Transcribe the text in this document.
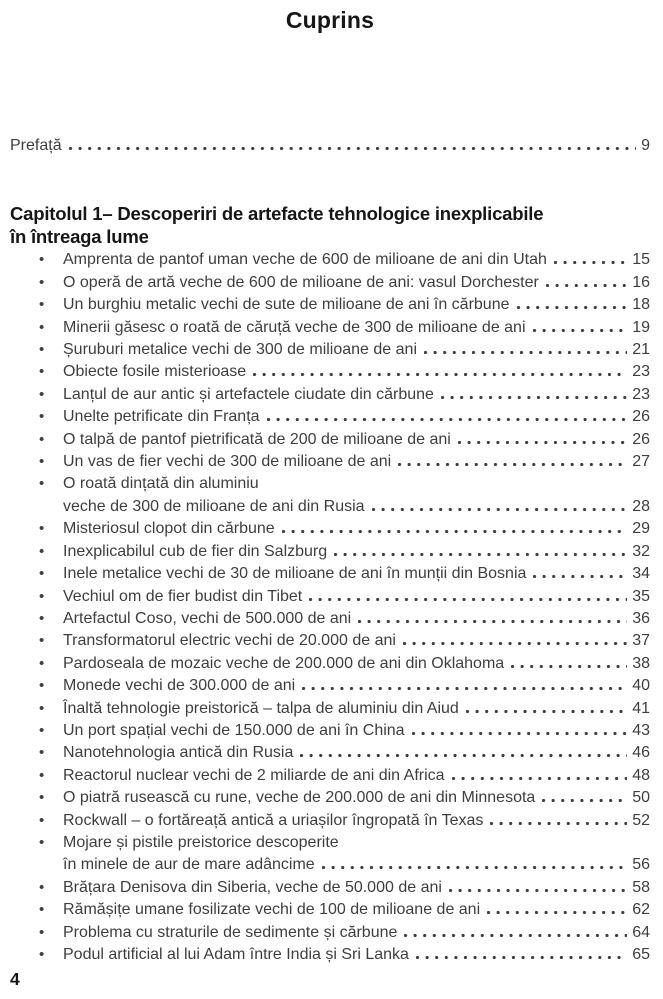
Cuprins
Prefață	9
Capitolul 1– Descoperiri de artefacte tehnologice inexplicabile
în întreaga lume
•	Amprenta de pantof uman veche de 600 de milioane de ani din Utah	15
•	O operă de artă veche de 600 de milioane de ani: vasul Dorchester	16
•	Un burghiu metalic vechi de sute de milioane de ani în cărbune	18
•	Minerii găsesc o roată de căruță veche de 300 de milioane de ani	19
•	Șuruburi metalice vechi de 300 de milioane de ani	21
•	Obiecte fosile misterioase	23
•	Lanțul de aur antic și artefactele ciudate din cărbune	23
•	Unelte petrificate din Franța	26
•	O talpă de pantof pietrificată de 200 de milioane de ani	26
•	Un vas de fier vechi de 300 de milioane de ani	27
•	O roată dințată din aluminiu
veche de 300 de milioane de ani din Rusia	28
•	Misteriosul clopot din cărbune	29
•	Inexplicabilul cub de fier din Salzburg	32
•	Inele metalice vechi de 30 de milioane de ani în munții din Bosnia	34
•	Vechiul om de fier budist din Tibet	35
•	Artefactul Coso, vechi de 500.000 de ani	36
•	Transformatorul electric vechi de 20.000 de ani	37
•	Pardoseala de mozaic veche de 200.000 de ani din Oklahoma	38
•	Monede vechi de 300.000 de ani	40
•	Înaltă tehnologie preistorică – talpa de aluminiu din Aiud	41
•	Un port spațial vechi de 150.000 de ani în China	43
•	Nanotehnologia antică din Rusia	46
•	Reactorul nuclear vechi de 2 miliarde de ani din Africa	48
•	O piatră rusească cu rune, veche de 200.000 de ani din Minnesota	50
•	Rockwall – o fortăreață antică a uriașilor îngropată în Texas	52
•	Mojare și pistile preistorice descoperite
în minele de aur de mare adâncime	56
•	Brățara Denisova din Siberia, veche de 50.000 de ani	58
•	Rămășițe umane fosilizate vechi de 100 de milioane de ani	62
•	Problema cu straturile de sedimente și cărbune	64
•	Podul artificial al lui Adam între India și Sri Lanka	65
4
